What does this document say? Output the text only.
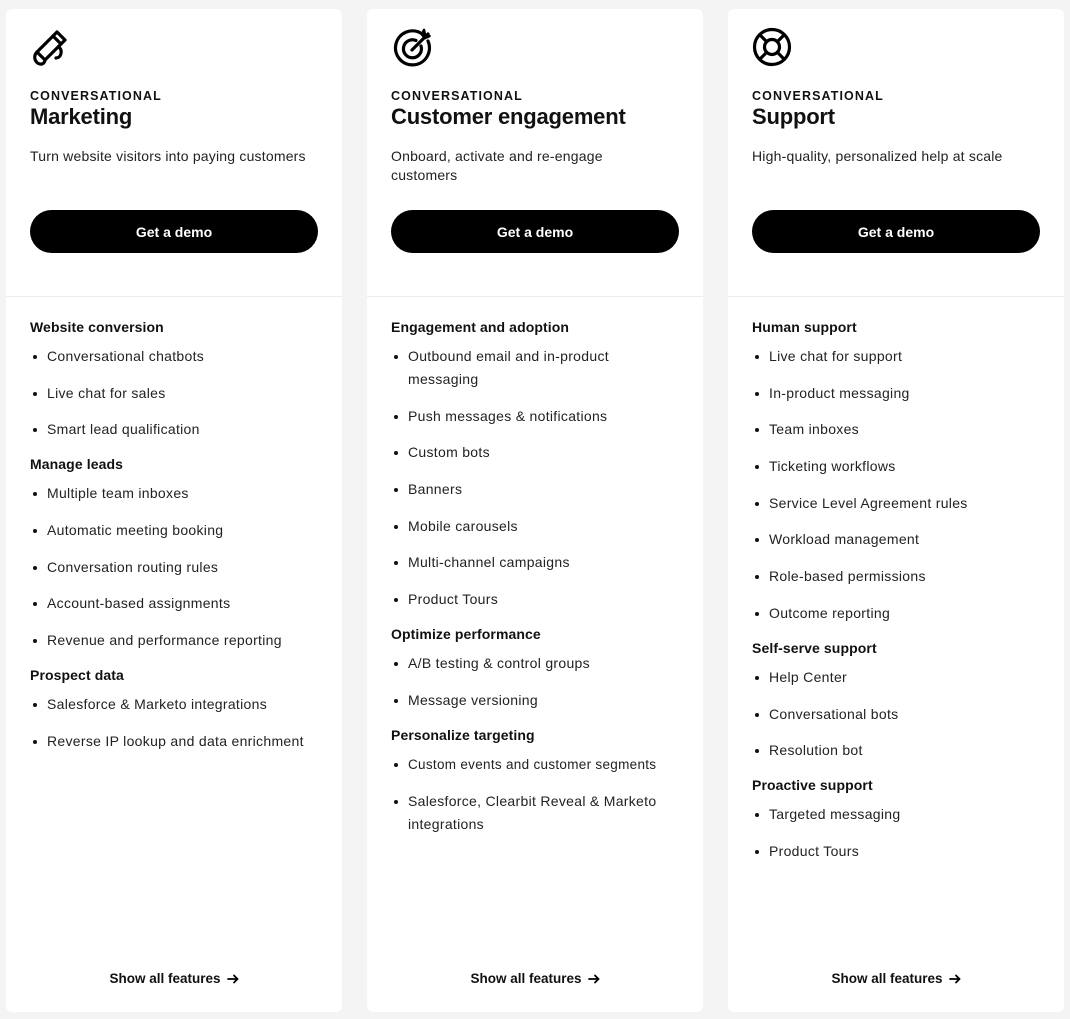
CONVERSATIONAL
Marketing
Turn website visitors into paying customers
Get a demo
Website conversion
Conversational chatbots
Live chat for sales
Smart lead qualification
Manage leads
Multiple team inboxes
Automatic meeting booking
Conversation routing rules
Account-based assignments
Revenue and performance reporting
Prospect data
Salesforce & Marketo integrations
Reverse IP lookup and data enrichment
Show all features
CONVERSATIONAL
Customer engagement
Onboard, activate and re-engage customers
Get a demo
Engagement and adoption
Outbound email and in-product messaging
Push messages & notifications
Custom bots
Banners
Mobile carousels
Multi-channel campaigns
Product Tours
Optimize performance
A/B testing & control groups
Message versioning
Personalize targeting
Custom events and customer segments
Salesforce, Clearbit Reveal & Marketo integrations
Show all features
CONVERSATIONAL
Support
High-quality, personalized help at scale
Get a demo
Human support
Live chat for support
In-product messaging
Team inboxes
Ticketing workflows
Service Level Agreement rules
Workload management
Role-based permissions
Outcome reporting
Self-serve support
Help Center
Conversational bots
Resolution bot
Proactive support
Targeted messaging
Product Tours
Show all features
